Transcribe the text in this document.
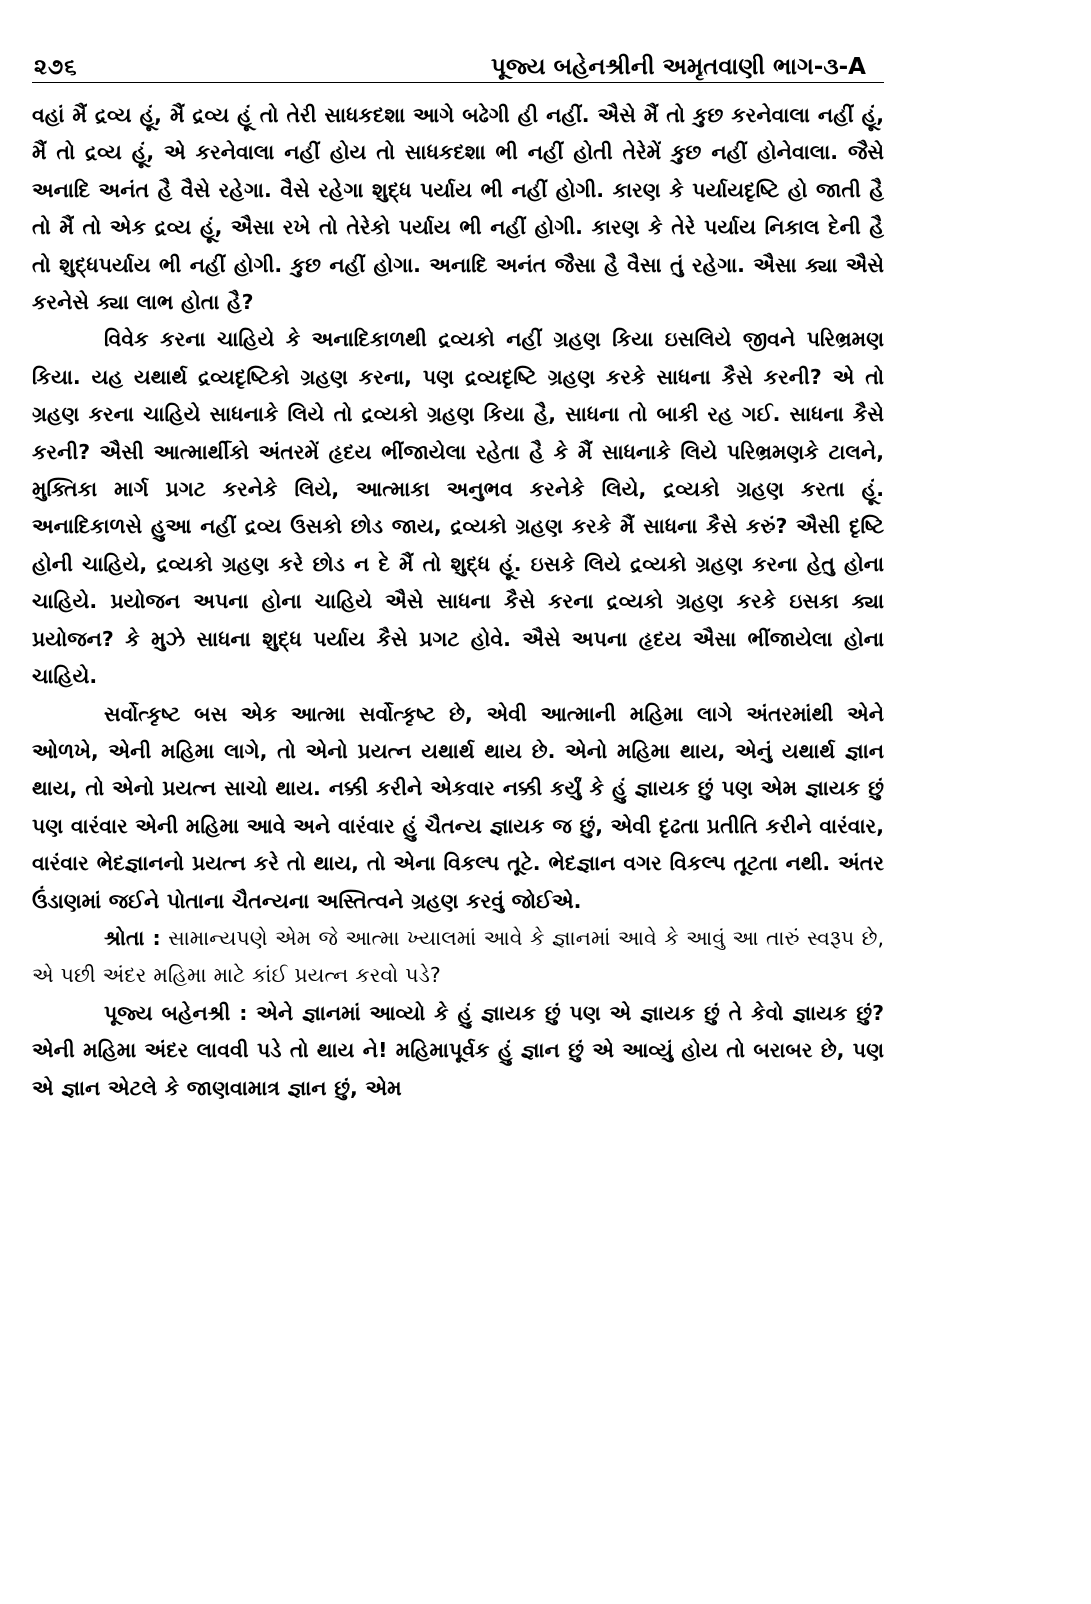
૨૭૬	પૂજ્ય બહેનશ્રીની અમૃતવાણી ભાગ-૩-A

વહાં મૈં દ્રવ્ય હૂં, મૈં દ્રવ્ય હૂં તો તેરી સાધકદશા આગે બઢેગી હી નહીં. ઐસે મૈં તો કુછ કરનેવાલા નહીં હૂં, મૈં તો દ્રવ્ય હૂં, એ કરનેવાલા નહીં હોય તો સાધકદશા ભી નહીં હોતી તેરેમેં કુછ નહીં હોનેવાલા. જૈસે અનાદિ અનંત હૈ વૈસે રહેગા. વૈસે રહેગા શુદ્ધ પર્યાય ભી નહીં હોગી. કારણ કે પર્યાયદૃષ્ટિ હો જાતી હૈ તો મૈં તો એક દ્રવ્ય હૂં, ઐસા રખે તો તેરેકો પર્યાય ભી નહીં હોગી. કારણ કે તેરે પર્યાય નિકાલ દેની હૈ તો શુદ્ધપર્યાય ભી નહીં હોગી. કુછ નહીં હોગા. અનાદિ અનંત જૈસા હૈ વૈસા તું રહેગા. ઐસા ક્યા ઐસે કરનેસે ક્યા લાભ હોતા હૈ?

વિવેક કરના ચાહિયે કે અનાદિકાળથી દ્રવ્યકો નહીં ગ્રહણ કિયા ઇસલિયે જીવને પરિભ્રમણ કિયા. યહ યથાર્થ દ્રવ્યદૃષ્ટિકો ગ્રહણ કરના, પણ દ્રવ્યદૃષ્ટિ ગ્રહણ કરકે સાધના કૈસે કરની? એ તો ગ્રહણ કરના ચાહિયે સાધનાકે લિયે તો દ્રવ્યકો ગ્રહણ કિયા હૈ, સાધના તો બાકી રહ ગઈ. સાધના કૈસે કરની? ઐસી આત્માર્થીકો અંતરમેં હૃદય ભીંજાયેલા રહેતા હૈ કે મૈં સાધનાકે લિયે પરિભ્રમણકે ટાલને, મુક્તિકા માર્ગ પ્રગટ કરનેકે લિયે, આત્માકા અનુભવ કરનેકે લિયે, દ્રવ્યકો ગ્રહણ કરતા હૂં. અનાદિકાળસે હુઆ નહીં દ્રવ્ય ઉસકો છોડ જાય, દ્રવ્યકો ગ્રહણ કરકે મૈં સાધના કૈસે કરું? ઐસી દૃષ્ટિ હોની ચાહિયે, દ્રવ્યકો ગ્રહણ કરે છોડ ન દે મૈં તો શુદ્ધ હૂં. ઇસકે લિયે દ્રવ્યકો ગ્રહણ કરના હેતુ હોના ચાહિયે. પ્રયોજન અપના હોના ચાહિયે ઐસે સાધના કૈસે કરના દ્રવ્યકો ગ્રહણ કરકે ઇસકા ક્યા પ્રયોજન? કે મુઝે સાધના શુદ્ધ પર્યાય કૈસે પ્રગટ હોવે. ઐસે અપના હૃદય ઐસા ભીંજાયેલા હોના ચાહિયે.

સર્વોત્કૃષ્ટ બસ એક આત્મા સર્વોત્કૃષ્ટ છે, એવી આત્માની મહિમા લાગે અંતરમાંથી એને ઓળખે, એની મહિમા લાગે, તો એનો પ્રયત્ન યથાર્થ થાય છે. એનો મહિમા થાય, એનું યથાર્થ જ્ઞાન થાય, તો એનો પ્રયત્ન સાચો થાય. નક્કી કરીને એકવાર નક્કી કર્યું કે હું જ્ઞાયક છું પણ એમ જ્ઞાયક છું પણ વારંવાર એની મહિમા આવે અને વારંવાર હું ચૈતન્ય જ્ઞાયક જ છું, એવી દૃઢતા પ્રતીતિ કરીને વારંવાર, વારંવાર ભેદજ્ઞાનનો પ્રયત્ન કરે તો થાય, તો એના વિકલ્પ તૂટે. ભેદજ્ઞાન વગર વિકલ્પ તૂટતા નથી. અંતર ઉંડાણમાં જઈને પોતાના ચૈતન્યના અસ્તિત્વને ગ્રહણ કરવું જોઈએ.

શ્રોતા : સામાન્યપણે એમ જે આત્મા ખ્યાલમાં આવે કે જ્ઞાનમાં આવે કે આવું આ તારું સ્વરૂપ છે, એ પછી અંદર મહિમા માટે કાંઈ પ્રયત્ન કરવો પડે?

પૂજ્ય બહેનશ્રી : એને જ્ઞાનમાં આવ્યો કે હું જ્ઞાયક છું પણ એ જ્ઞાયક છું તે કેવો જ્ઞાયક છું? એની મહિમા અંદર લાવવી પડે તો થાય ને! મહિમાપૂર્વક હું જ્ઞાન છું એ આવ્યું હોય તો બરાબર છે, પણ એ જ્ઞાન એટલે કે જાણવામાત્ર જ્ઞાન છું, એમ
